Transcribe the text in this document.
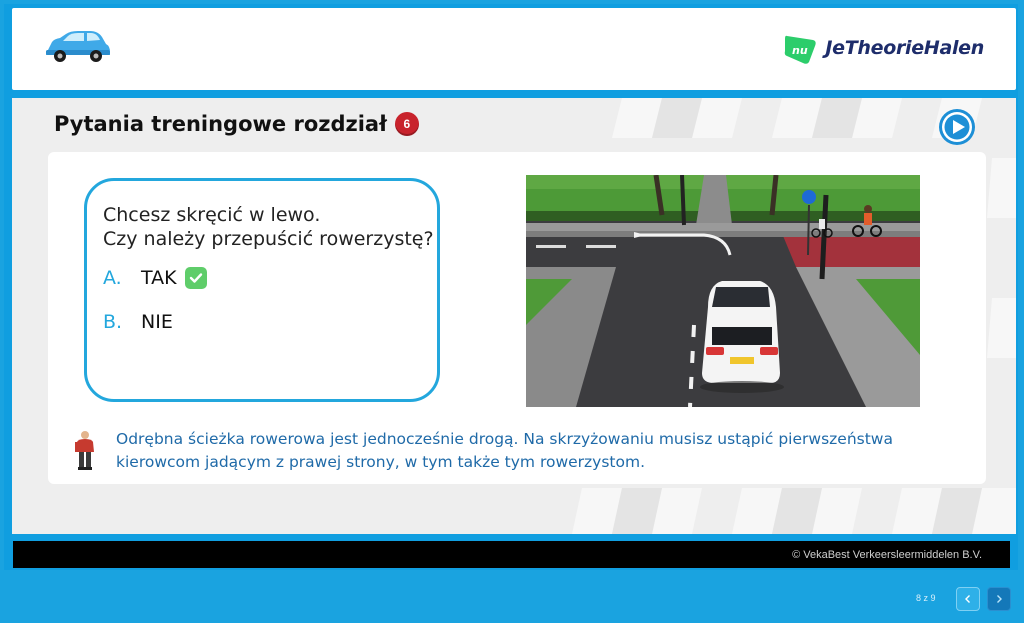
nu JeTheorieHalen
Pytania treningowe rozdział	6
Chcesz skręcić w lewo.
Czy należy przepuścić rowerzystę?
A.	TAK
B. NIE
Odrębna ścieżka rowerowa jest jednocześnie drogą. Na skrzyżowaniu musisz ustąpić pierwszeństwa kierowcom jadącym z prawej strony, w tym także tym rowerzystom.
© VekaBest Verkeersleermiddelen B.V.
8 z 9
